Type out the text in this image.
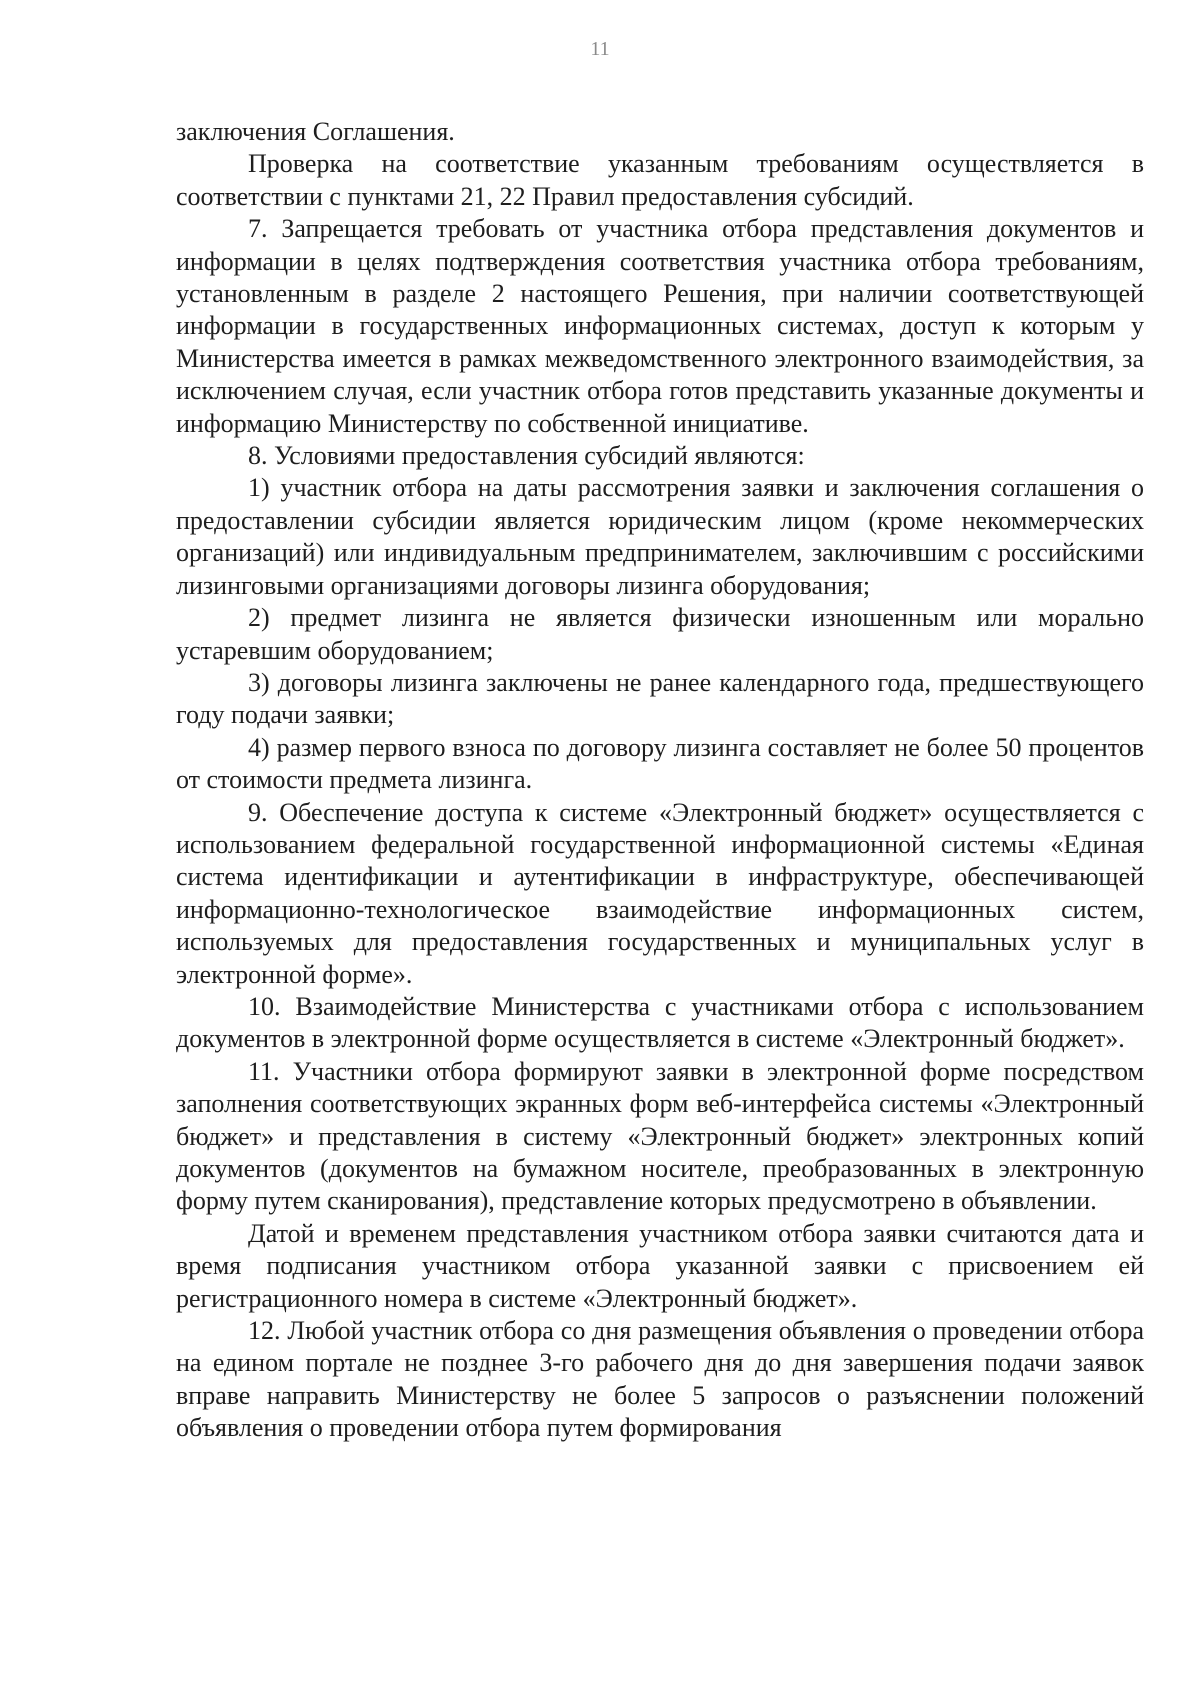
11

заключения Соглашения.

Проверка на соответствие указанным требованиям осуществляется в соответствии с пунктами 21, 22 Правил предоставления субсидий.

7. Запрещается требовать от участника отбора представления документов и информации в целях подтверждения соответствия участника отбора требованиям, установленным в разделе 2 настоящего Решения, при наличии соответствующей информации в государственных информационных системах, доступ к которым у Министерства имеется в рамках межведомственного электронного взаимодействия, за исключением случая, если участник отбора готов представить указанные документы и информацию Министерству по собственной инициативе.

8. Условиями предоставления субсидий являются:

1) участник отбора на даты рассмотрения заявки и заключения соглашения о предоставлении субсидии является юридическим лицом (кроме некоммерческих организаций) или индивидуальным предпринимателем, заключившим с российскими лизинговыми организациями договоры лизинга оборудования;

2) предмет лизинга не является физически изношенным или морально устаревшим оборудованием;

3) договоры лизинга заключены не ранее календарного года, предшествующего году подачи заявки;

4) размер первого взноса по договору лизинга составляет не более 50 процентов от стоимости предмета лизинга.

9. Обеспечение доступа к системе «Электронный бюджет» осуществляется с использованием федеральной государственной информационной системы «Единая система идентификации и аутентификации в инфраструктуре, обеспечивающей информационно-технологическое взаимодействие информационных систем, используемых для предоставления государственных и муниципальных услуг в электронной форме».

10. Взаимодействие Министерства с участниками отбора с использованием документов в электронной форме осуществляется в системе «Электронный бюджет».

11. Участники отбора формируют заявки в электронной форме посредством заполнения соответствующих экранных форм веб-интерфейса системы «Электронный бюджет» и представления в систему «Электронный бюджет» электронных копий документов (документов на бумажном носителе, преобразованных в электронную форму путем сканирования), представление которых предусмотрено в объявлении.

Датой и временем представления участником отбора заявки считаются дата и время подписания участником отбора указанной заявки с присвоением ей регистрационного номера в системе «Электронный бюджет».

12. Любой участник отбора со дня размещения объявления о проведении отбора на едином портале не позднее 3-го рабочего дня до дня завершения подачи заявок вправе направить Министерству не более 5 запросов о разъяснении положений объявления о проведении отбора путем формирования
